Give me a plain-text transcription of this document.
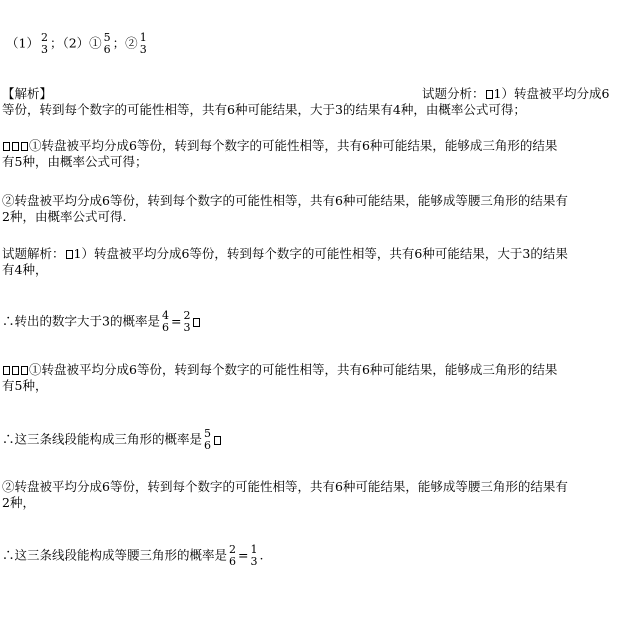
（1） 2
3 ；（2）① 5
6 ；② 1
3
【解析】	试题分析： 1）转盘被平均分成6
等份，转到每个数字的可能性相等，共有6种可能结果，大于3的结果有4种，由概率公式可得；
①转盘被平均分成6等份，转到每个数字的可能性相等，共有6种可能结果，能够成三角形的结果
有5种，由概率公式可得；
②转盘被平均分成6等份，转到每个数字的可能性相等，共有6种可能结果，能够成等腰三角形的结果有
2种，由概率公式可得.
试题解析： 1）转盘被平均分成6等份，转到每个数字的可能性相等，共有6种可能结果，大于3的结果
有4种，
∴转出的数字大于3的概率是 4
6 = 2
3
①转盘被平均分成6等份，转到每个数字的可能性相等，共有6种可能结果，能够成三角形的结果
有5种，
∴这三条线段能构成三角形的概率是 5
6
②转盘被平均分成6等份，转到每个数字的可能性相等，共有6种可能结果，能够成等腰三角形的结果有
2种，
∴这三条线段能构成等腰三角形的概率是 2
6 = 1
3 .
